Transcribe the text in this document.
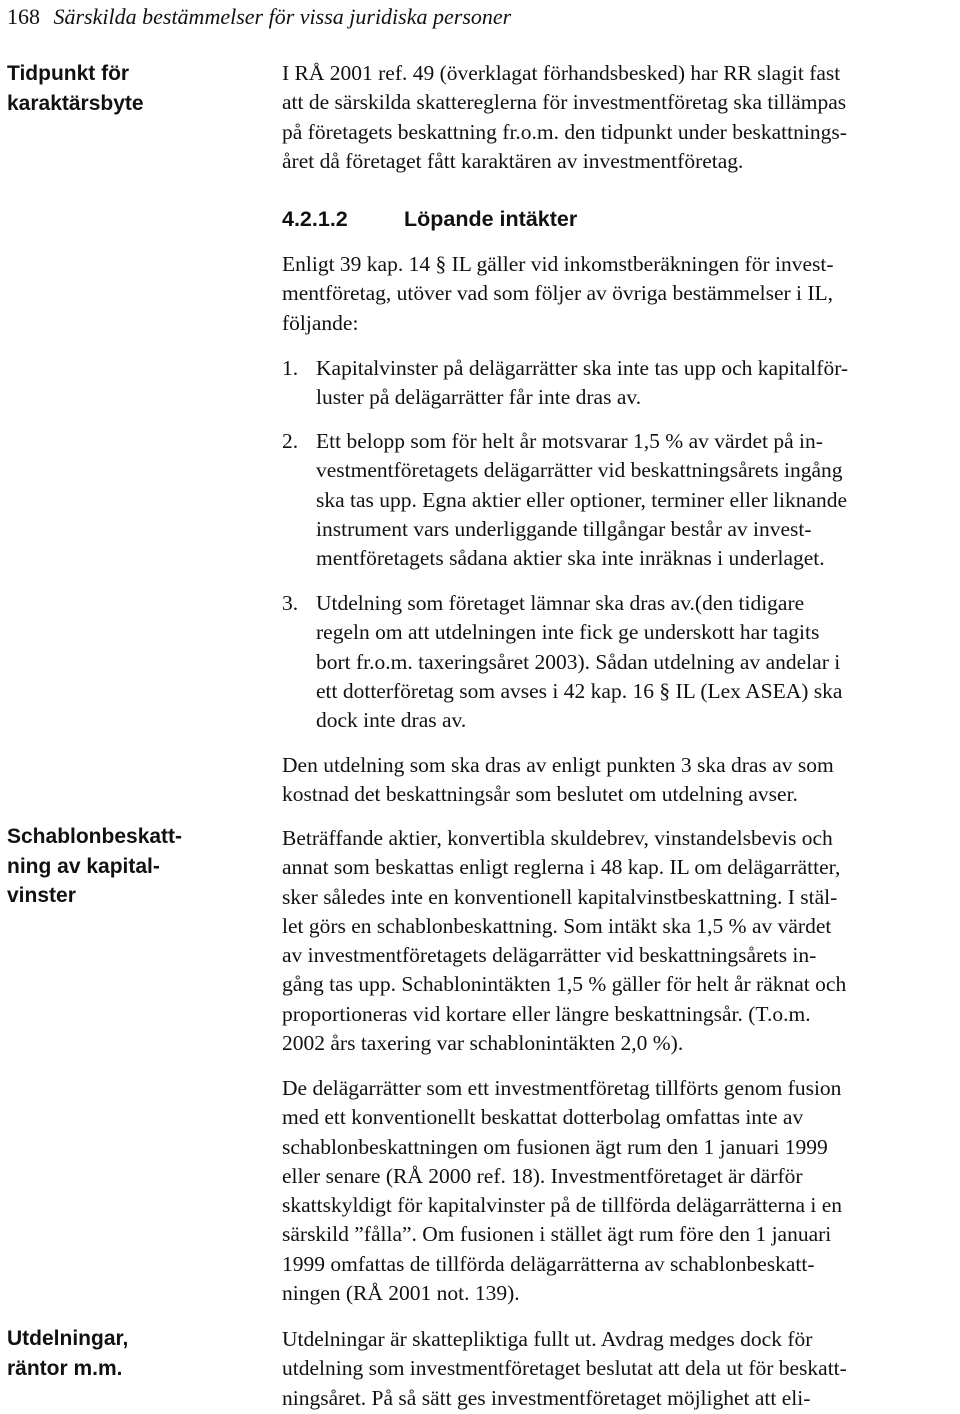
168 Särskilda bestämmelser för vissa juridiska personer
Tidpunkt för
karaktärsbyte
Schablonbeskatt-
ning av kapital-
vinster
Utdelningar,
räntor m.m.
I RÅ 2001 ref. 49 (överklagat förhandsbesked) har RR slagit fast
att de särskilda skattereglerna för investmentföretag ska tillämpas
på företagets beskattning fr.o.m. den tidpunkt under beskattnings-
året då företaget fått karaktären av investmentföretag.
4.2.1.2	Löpande intäkter
Enligt 39 kap. 14 § IL gäller vid inkomstberäkningen för invest-
mentföretag, utöver vad som följer av övriga bestämmelser i IL,
följande:
1. Kapitalvinster på delägarrätter ska inte tas upp och kapitalför-
luster på delägarrätter får inte dras av.
2. Ett belopp som för helt år motsvarar 1,5 % av värdet på in-
vestmentföretagets delägarrätter vid beskattningsårets ingång
ska tas upp. Egna aktier eller optioner, terminer eller liknande
instrument vars underliggande tillgångar består av invest-
mentföretagets sådana aktier ska inte inräknas i underlaget.
3. Utdelning som företaget lämnar ska dras av.(den tidigare
regeln om att utdelningen inte fick ge underskott har tagits
bort fr.o.m. taxeringsåret 2003). Sådan utdelning av andelar i
ett dotterföretag som avses i 42 kap. 16 § IL (Lex ASEA) ska
dock inte dras av.
Den utdelning som ska dras av enligt punkten 3 ska dras av som
kostnad det beskattningsår som beslutet om utdelning avser.
Beträffande aktier, konvertibla skuldebrev, vinstandelsbevis och
annat som beskattas enligt reglerna i 48 kap. IL om delägarrätter,
sker således inte en konventionell kapitalvinstbeskattning. I stäl-
let görs en schablonbeskattning. Som intäkt ska 1,5 % av värdet
av investmentföretagets delägarrätter vid beskattningsårets in-
gång tas upp. Schablonintäkten 1,5 % gäller för helt år räknat och
proportioneras vid kortare eller längre beskattningsår. (T.o.m.
2002 års taxering var schablonintäkten 2,0 %).
De delägarrätter som ett investmentföretag tillförts genom fusion
med ett konventionellt beskattat dotterbolag omfattas inte av
schablonbeskattningen om fusionen ägt rum den 1 januari 1999
eller senare (RÅ 2000 ref. 18). Investmentföretaget är därför
skattskyldigt för kapitalvinster på de tillförda delägarrätterna i en
särskild ”fålla”. Om fusionen i stället ägt rum före den 1 januari
1999 omfattas de tillförda delägarrätterna av schablonbeskatt-
ningen (RÅ 2001 not. 139).
Utdelningar är skattepliktiga fullt ut. Avdrag medges dock för
utdelning som investmentföretaget beslutat att dela ut för beskatt-
ningsåret. På så sätt ges investmentföretaget möjlighet att eli-
